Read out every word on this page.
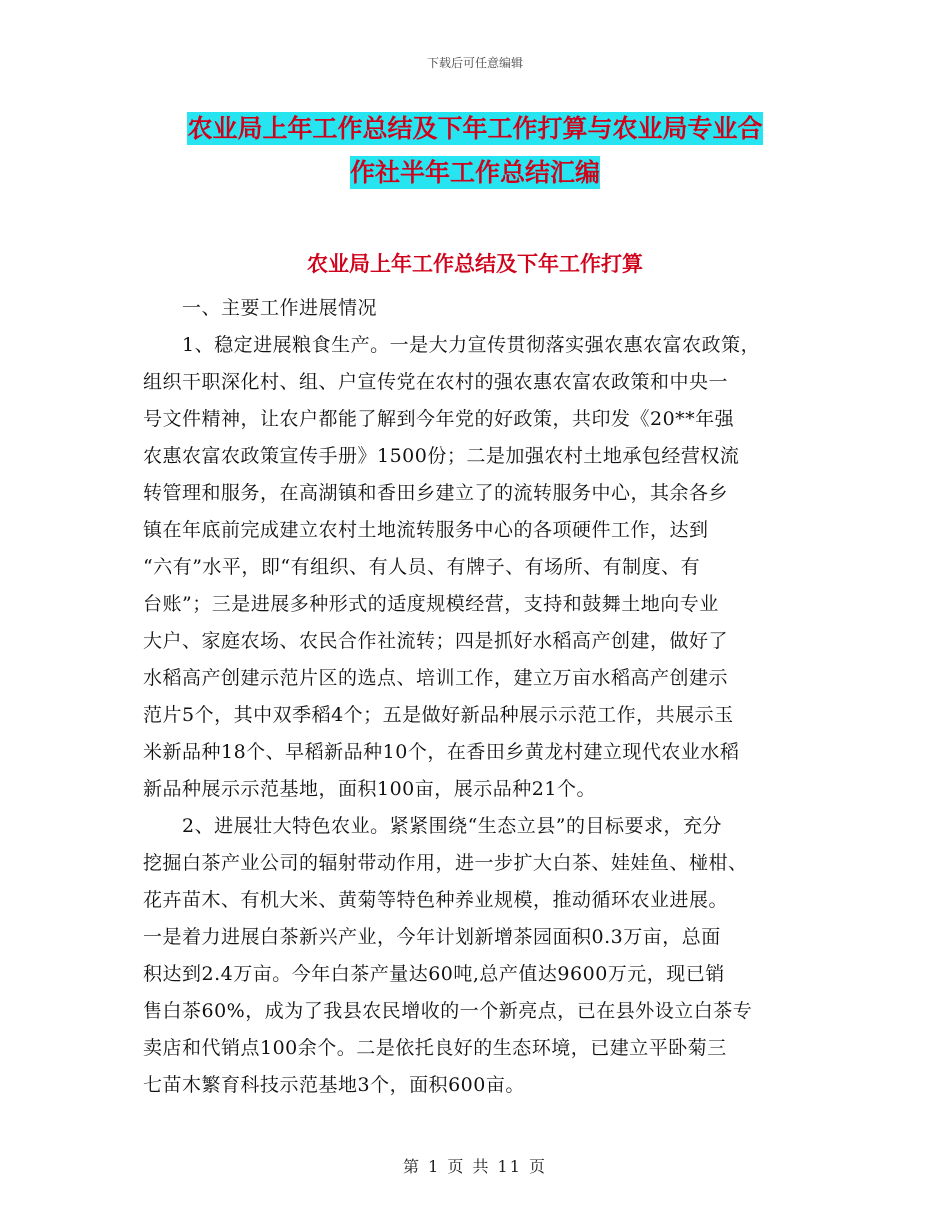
下载后可任意编辑
农业局上年工作总结及下年工作打算与农业局专业合
作社半年工作总结汇编
农业局上年工作总结及下年工作打算

　　一、主要工作进展情况

　　1、稳定进展粮食生产。一是大力宣传贯彻落实强农惠农富农政策，

组织干职深化村、组、户宣传党在农村的强农惠农富农政策和中央一

号文件精神，让农户都能了解到今年党的好政策，共印发《20**年强

农惠农富农政策宣传手册》1500份；二是加强农村土地承包经营权流

转管理和服务，在高湖镇和香田乡建立了的流转服务中心，其余各乡

镇在年底前完成建立农村土地流转服务中心的各项硬件工作，达到

“六有”水平，即“有组织、有人员、有牌子、有场所、有制度、有

台账”；三是进展多种形式的适度规模经营，支持和鼓舞土地向专业

大户、家庭农场、农民合作社流转；四是抓好水稻高产创建，做好了

水稻高产创建示范片区的选点、培训工作，建立万亩水稻高产创建示

范片5个，其中双季稻4个；五是做好新品种展示示范工作，共展示玉

米新品种18个、早稻新品种10个，在香田乡黄龙村建立现代农业水稻

新品种展示示范基地，面积100亩，展示品种21个。

　　2、进展壮大特色农业。紧紧围绕“生态立县”的目标要求，充分

挖掘白茶产业公司的辐射带动作用，进一步扩大白茶、娃娃鱼、椪柑、

花卉苗木、有机大米、黄菊等特色种养业规模，推动循环农业进展。

一是着力进展白茶新兴产业，今年计划新增茶园面积0.3万亩，总面

积达到2.4万亩。今年白茶产量达60吨,总产值达9600万元，现已销

售白茶60%，成为了我县农民增收的一个新亮点，已在县外设立白茶专

卖店和代销点100余个。二是依托良好的生态环境，已建立平卧菊三

七苗木繁育科技示范基地3个，面积600亩。

第 1 页 共 11 页
